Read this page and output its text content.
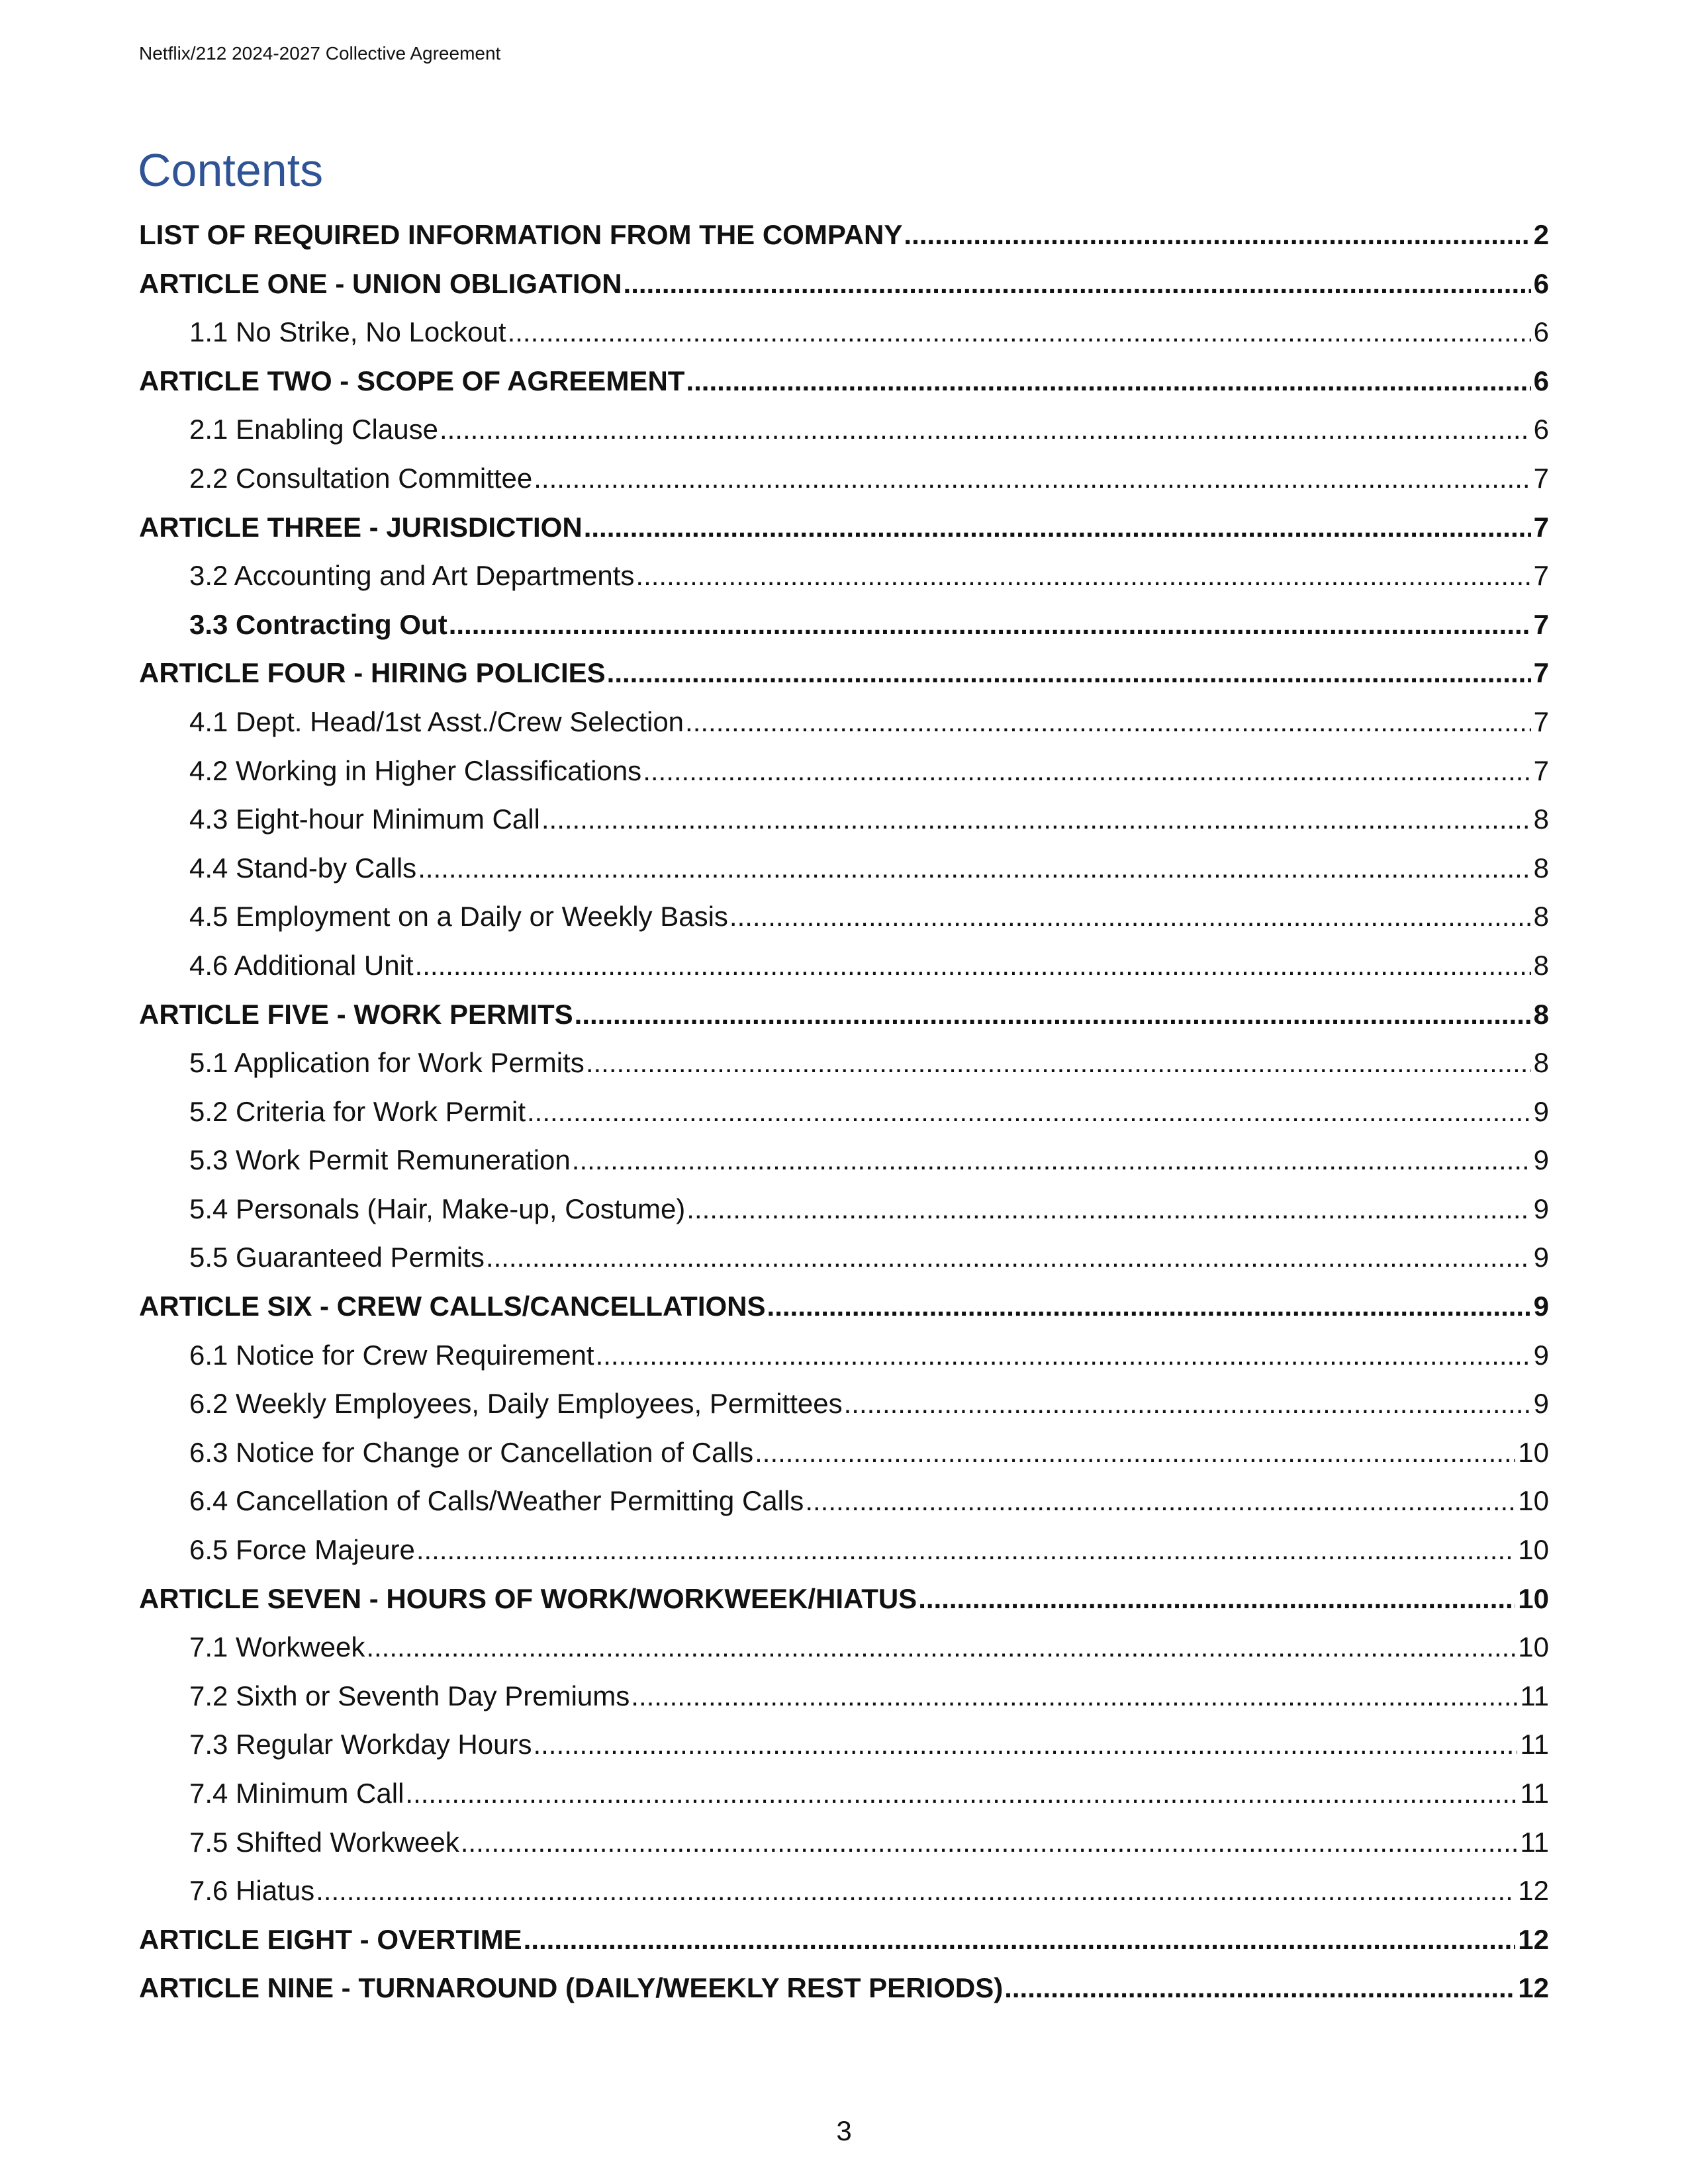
Netflix/212 2024-2027 Collective Agreement
Contents
LIST OF REQUIRED INFORMATION FROM THE COMPANY .....	2
ARTICLE ONE - UNION OBLIGATION .....	6
1.1 No Strike, No Lockout .....	6
ARTICLE TWO - SCOPE OF AGREEMENT .....	6
2.1 Enabling Clause .....	6
2.2 Consultation Committee .....	7
ARTICLE THREE - JURISDICTION .....	7
3.2 Accounting and Art Departments .....	7
3.3 Contracting Out .....	7
ARTICLE FOUR - HIRING POLICIES .....	7
4.1 Dept. Head/1st Asst./Crew Selection .....	7
4.2 Working in Higher Classifications .....	7
4.3 Eight-hour Minimum Call .....	8
4.4 Stand-by Calls .....	8
4.5 Employment on a Daily or Weekly Basis .....	8
4.6 Additional Unit .....	8
ARTICLE FIVE - WORK PERMITS .....	8
5.1 Application for Work Permits .....	8
5.2 Criteria for Work Permit .....	9
5.3 Work Permit Remuneration .....	9
5.4 Personals (Hair, Make-up, Costume) .....	9
5.5 Guaranteed Permits .....	9
ARTICLE SIX - CREW CALLS/CANCELLATIONS .....	9
6.1 Notice for Crew Requirement .....	9
6.2 Weekly Employees, Daily Employees, Permittees .....	9
6.3 Notice for Change or Cancellation of Calls .....	10
6.4 Cancellation of Calls/Weather Permitting Calls .....	10
6.5 Force Majeure .....	10
ARTICLE SEVEN - HOURS OF WORK/WORKWEEK/HIATUS .....	10
7.1 Workweek .....	10
7.2 Sixth or Seventh Day Premiums .....	11
7.3 Regular Workday Hours .....	11
7.4 Minimum Call .....	11
7.5 Shifted Workweek .....	11
7.6 Hiatus .....	12
ARTICLE EIGHT - OVERTIME .....	12
ARTICLE NINE - TURNAROUND (DAILY/WEEKLY REST PERIODS) .....	12
3
